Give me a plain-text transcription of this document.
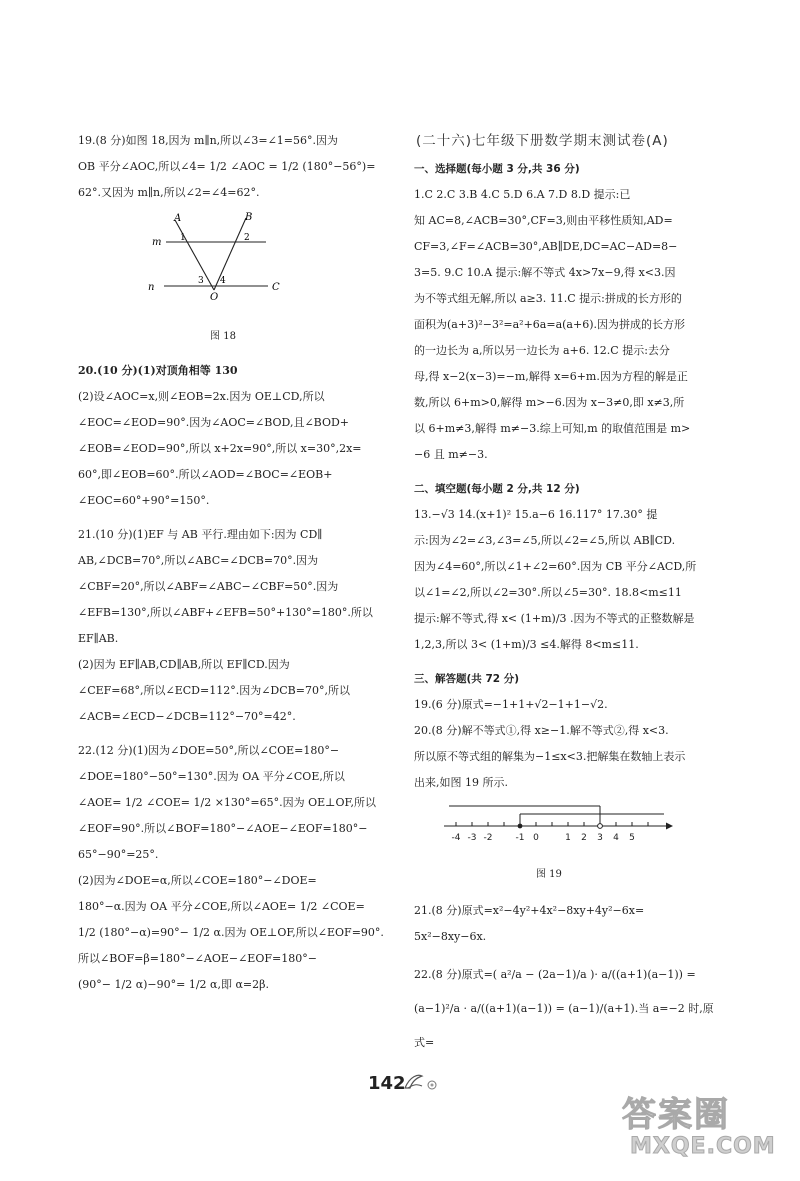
19.(8 分)如图 18,因为 m∥n,所以∠3=∠1=56°.因为

OB 平分∠AOC,所以∠4= 1/2 ∠AOC = 1/2 (180°−56°)=

62°.又因为 m∥n,所以∠2=∠4=62°.

A	B
m 1	2
n
3 4
O
C
图 18

20.(10 分)(1)对顶角相等 130

(2)设∠AOC=x,则∠EOB=2x.因为 OE⊥CD,所以

∠EOC=∠EOD=90°.因为∠AOC=∠BOD,且∠BOD+

∠EOB=∠EOD=90°,所以 x+2x=90°,所以 x=30°,2x=

60°,即∠EOB=60°.所以∠AOD=∠BOC=∠EOB+

∠EOC=60°+90°=150°.

21.(10 分)(1)EF 与 AB 平行.理由如下:因为 CD∥

AB,∠DCB=70°,所以∠ABC=∠DCB=70°.因为

∠CBF=20°,所以∠ABF=∠ABC−∠CBF=50°.因为

∠EFB=130°,所以∠ABF+∠EFB=50°+130°=180°.所以

EF∥AB.

(2)因为 EF∥AB,CD∥AB,所以 EF∥CD.因为

∠CEF=68°,所以∠ECD=112°.因为∠DCB=70°,所以

∠ACB=∠ECD−∠DCB=112°−70°=42°.

22.(12 分)(1)因为∠DOE=50°,所以∠COE=180°−

∠DOE=180°−50°=130°.因为 OA 平分∠COE,所以

∠AOE= 1/2 ∠COE= 1/2 ×130°=65°.因为 OE⊥OF,所以

∠EOF=90°.所以∠BOF=180°−∠AOE−∠EOF=180°−

65°−90°=25°.

(2)因为∠DOE=α,所以∠COE=180°−∠DOE=

180°−α.因为 OA 平分∠COE,所以∠AOE= 1/2 ∠COE=

1/2 (180°−α)=90°− 1/2 α.因为 OE⊥OF,所以∠EOF=90°.

所以∠BOF=β=180°−∠AOE−∠EOF=180°−

(90°− 1/2 α)−90°= 1/2 α,即 α=2β.

(二十六)七年级下册数学期末测试卷(A)

一、选择题(每小题 3 分,共 36 分)

1.C 2.C 3.B 4.C 5.D 6.A 7.D 8.D 提示:已

知 AC=8,∠ACB=30°,CF=3,则由平移性质知,AD=

CF=3,∠F=∠ACB=30°,AB∥DE,DC=AC−AD=8−

3=5. 9.C 10.A 提示:解不等式 4x>7x−9,得 x<3.因

为不等式组无解,所以 a≥3. 11.C 提示:拼成的长方形的

面积为(a+3)²−3²=a²+6a=a(a+6).因为拼成的长方形

的一边长为 a,所以另一边长为 a+6. 12.C 提示:去分

母,得 x−2(x−3)=−m,解得 x=6+m.因为方程的解是正

数,所以 6+m>0,解得 m>−6.因为 x−3≠0,即 x≠3,所

以 6+m≠3,解得 m≠−3.综上可知,m 的取值范围是 m>

−6 且 m≠−3.

二、填空题(每小题 2 分,共 12 分)

13.−√3 14.(x+1)² 15.a−6 16.117° 17.30° 提

示:因为∠2=∠3,∠3=∠5,所以∠2=∠5,所以 AB∥CD.

因为∠4=60°,所以∠1+∠2=60°.因为 CB 平分∠ACD,所

以∠1=∠2,所以∠2=30°.所以∠5=30°. 18.8<m≤11

提示:解不等式,得 x< (1+m)/3 .因为不等式的正整数解是

1,2,3,所以 3< (1+m)/3 ≤4.解得 8<m≤11.

三、解答题(共 72 分)

19.(6 分)原式=−1+1+√2−1+1−√2.

20.(8 分)解不等式①,得 x≥−1.解不等式②,得 x<3.

所以原不等式组的解集为−1≤x<3.把解集在数轴上表示

出来,如图 19 所示.

-4 -3 -2	-1 0	1 2 3 4 5
图 19

21.(8 分)原式=x²−4y²+4x²−8xy+4y²−6x=

5x²−8xy−6x.

22.(8 分)原式=( a²/a − (2a−1)/a )· a/((a+1)(a−1)) =

(a−1)²/a · a/((a+1)(a−1)) = (a−1)/(a+1).当 a=−2 时,原式=

142
答案圈
MXQE.COM
